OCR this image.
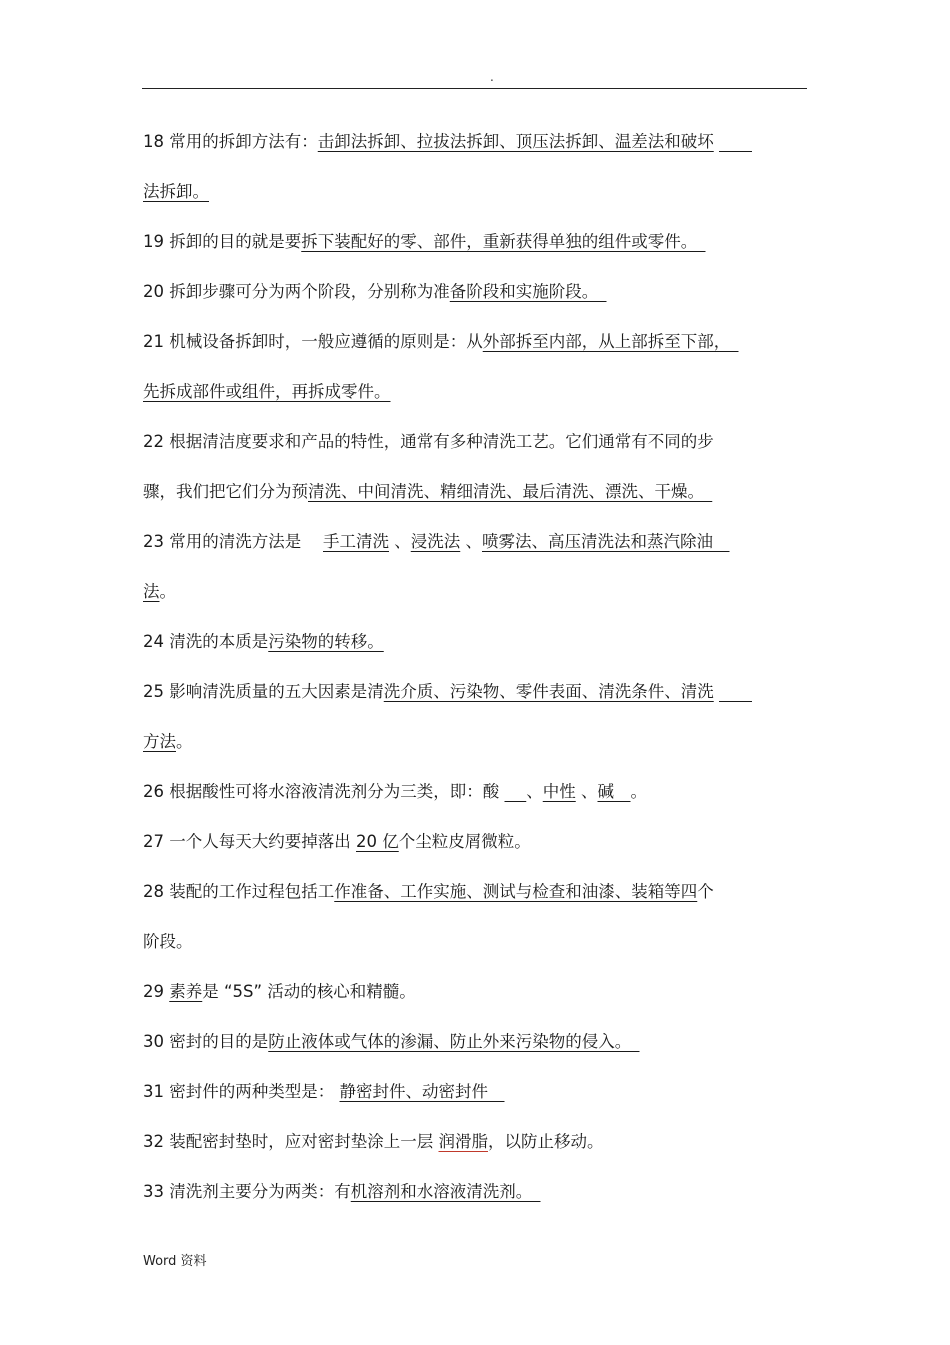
.
18 常用的拆卸方法有：击卸法拆卸、拉拔法拆卸、顶压法拆卸、温差法和破坏 　　
法拆卸。
19 拆卸的目的就是要拆下装配好的零、部件，重新获得单独的组件或零件。　
20 拆卸步骤可分为两个阶段，分别称为准备阶段和实施阶段。　
21 机械设备拆卸时，一般应遵循的原则是：从外部拆至内部，从上部拆至下部，　
先拆成部件或组件，再拆成零件。
22 根据清洁度要求和产品的特性，通常有多种清洗工艺。它们通常有不同的步
骤，我们把它们分为预清洗、中间清洗、精细清洗、最后清洗、漂洗、干燥。　
23 常用的清洗方法是　 手工清洗 、浸洗法 、喷雾法、高压清洗法和蒸汽除油　
法。
24 清洗的本质是污染物的转移。
25 影响清洗质量的五大因素是清洗介质、污染物、零件表面、清洗条件、清洗 　　
方法。
26 根据酸性可将水溶液清洗剂分为三类，即：酸 　 、中性 、碱　。
27 一个人每天大约要掉落出 20 亿个尘粒皮屑微粒。
28 装配的工作过程包括工作准备、工作实施、测试与检查和油漆、装箱等四个
阶段。
29 素养是 “5S” 活动的核心和精髓。
30 密封的目的是防止液体或气体的渗漏、防止外来污染物的侵入。　
31 密封件的两种类型是： 静密封件、动密封件　
32 装配密封垫时，应对密封垫涂上一层 润滑脂，以防止移动。
33 清洗剂主要分为两类：有机溶剂和水溶液清洗剂。　
Word 资料
